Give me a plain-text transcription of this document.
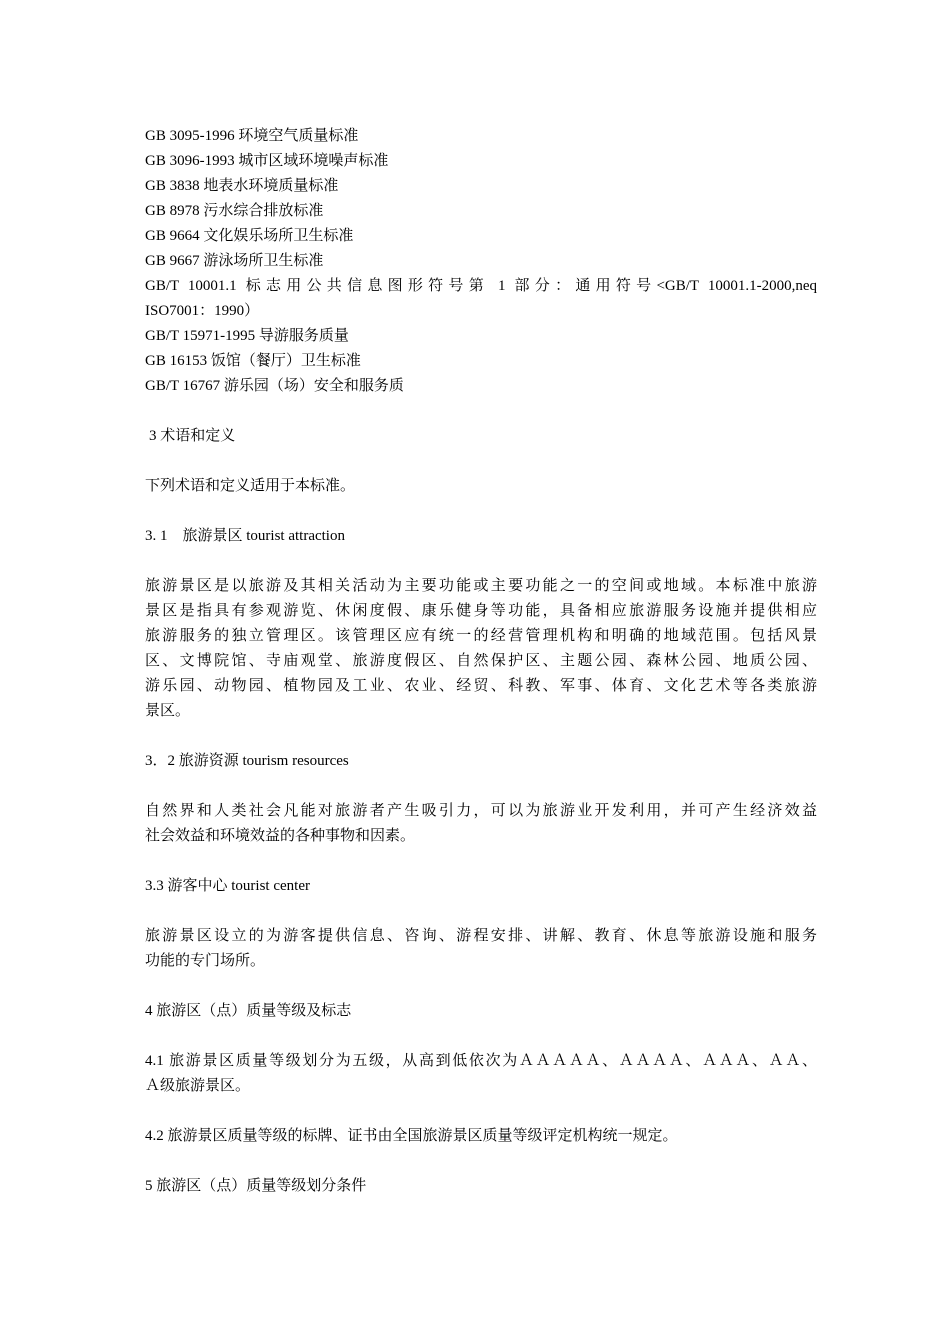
GB 3095-1996 环境空气质量标准
GB 3096-1993 城市区域环境噪声标准
GB 3838 地表水环境质量标准
GB 8978 污水综合排放标准
GB 9664 文化娱乐场所卫生标准
GB 9667 游泳场所卫生标准
GB/T 10001.1 标志用公共信息图形符号第 1 部分：通用符号<GB/T 10001.1-2000,neq
ISO7001：1990）
GB/T 15971-1995 导游服务质量
GB 16153 饭馆（餐厅）卫生标准
GB/T 16767 游乐园（场）安全和服务质
3 术语和定义
下列术语和定义适用于本标准。
3. 1　旅游景区 tourist attraction
旅游景区是以旅游及其相关活动为主要功能或主要功能之一的空间或地域。本标准中旅游
景区是指具有参观游览、休闲度假、康乐健身等功能，具备相应旅游服务设施并提供相应
旅游服务的独立管理区。该管理区应有统一的经营管理机构和明确的地域范围。包括风景
区、文博院馆、寺庙观堂、旅游度假区、自然保护区、主题公园、森林公园、地质公园、
游乐园、动物园、植物园及工业、农业、经贸、科教、军事、体育、文化艺术等各类旅游
景区。
3．2 旅游资源 tourism resources
自然界和人类社会凡能对旅游者产生吸引力，可以为旅游业开发利用，并可产生经济效益
社会效益和环境效益的各种事物和因素。
3.3 游客中心 tourist center
旅游景区设立的为游客提供信息、咨询、游程安排、讲解、教育、休息等旅游设施和服务
功能的专门场所。
4 旅游区（点）质量等级及标志
4.1 旅游景区质量等级划分为五级，从高到低依次为ＡＡＡＡＡ、ＡＡＡＡ、ＡＡＡ、ＡＡ、
Ａ级旅游景区。
4.2 旅游景区质量等级的标牌、证书由全国旅游景区质量等级评定机构统一规定。
5 旅游区（点）质量等级划分条件
